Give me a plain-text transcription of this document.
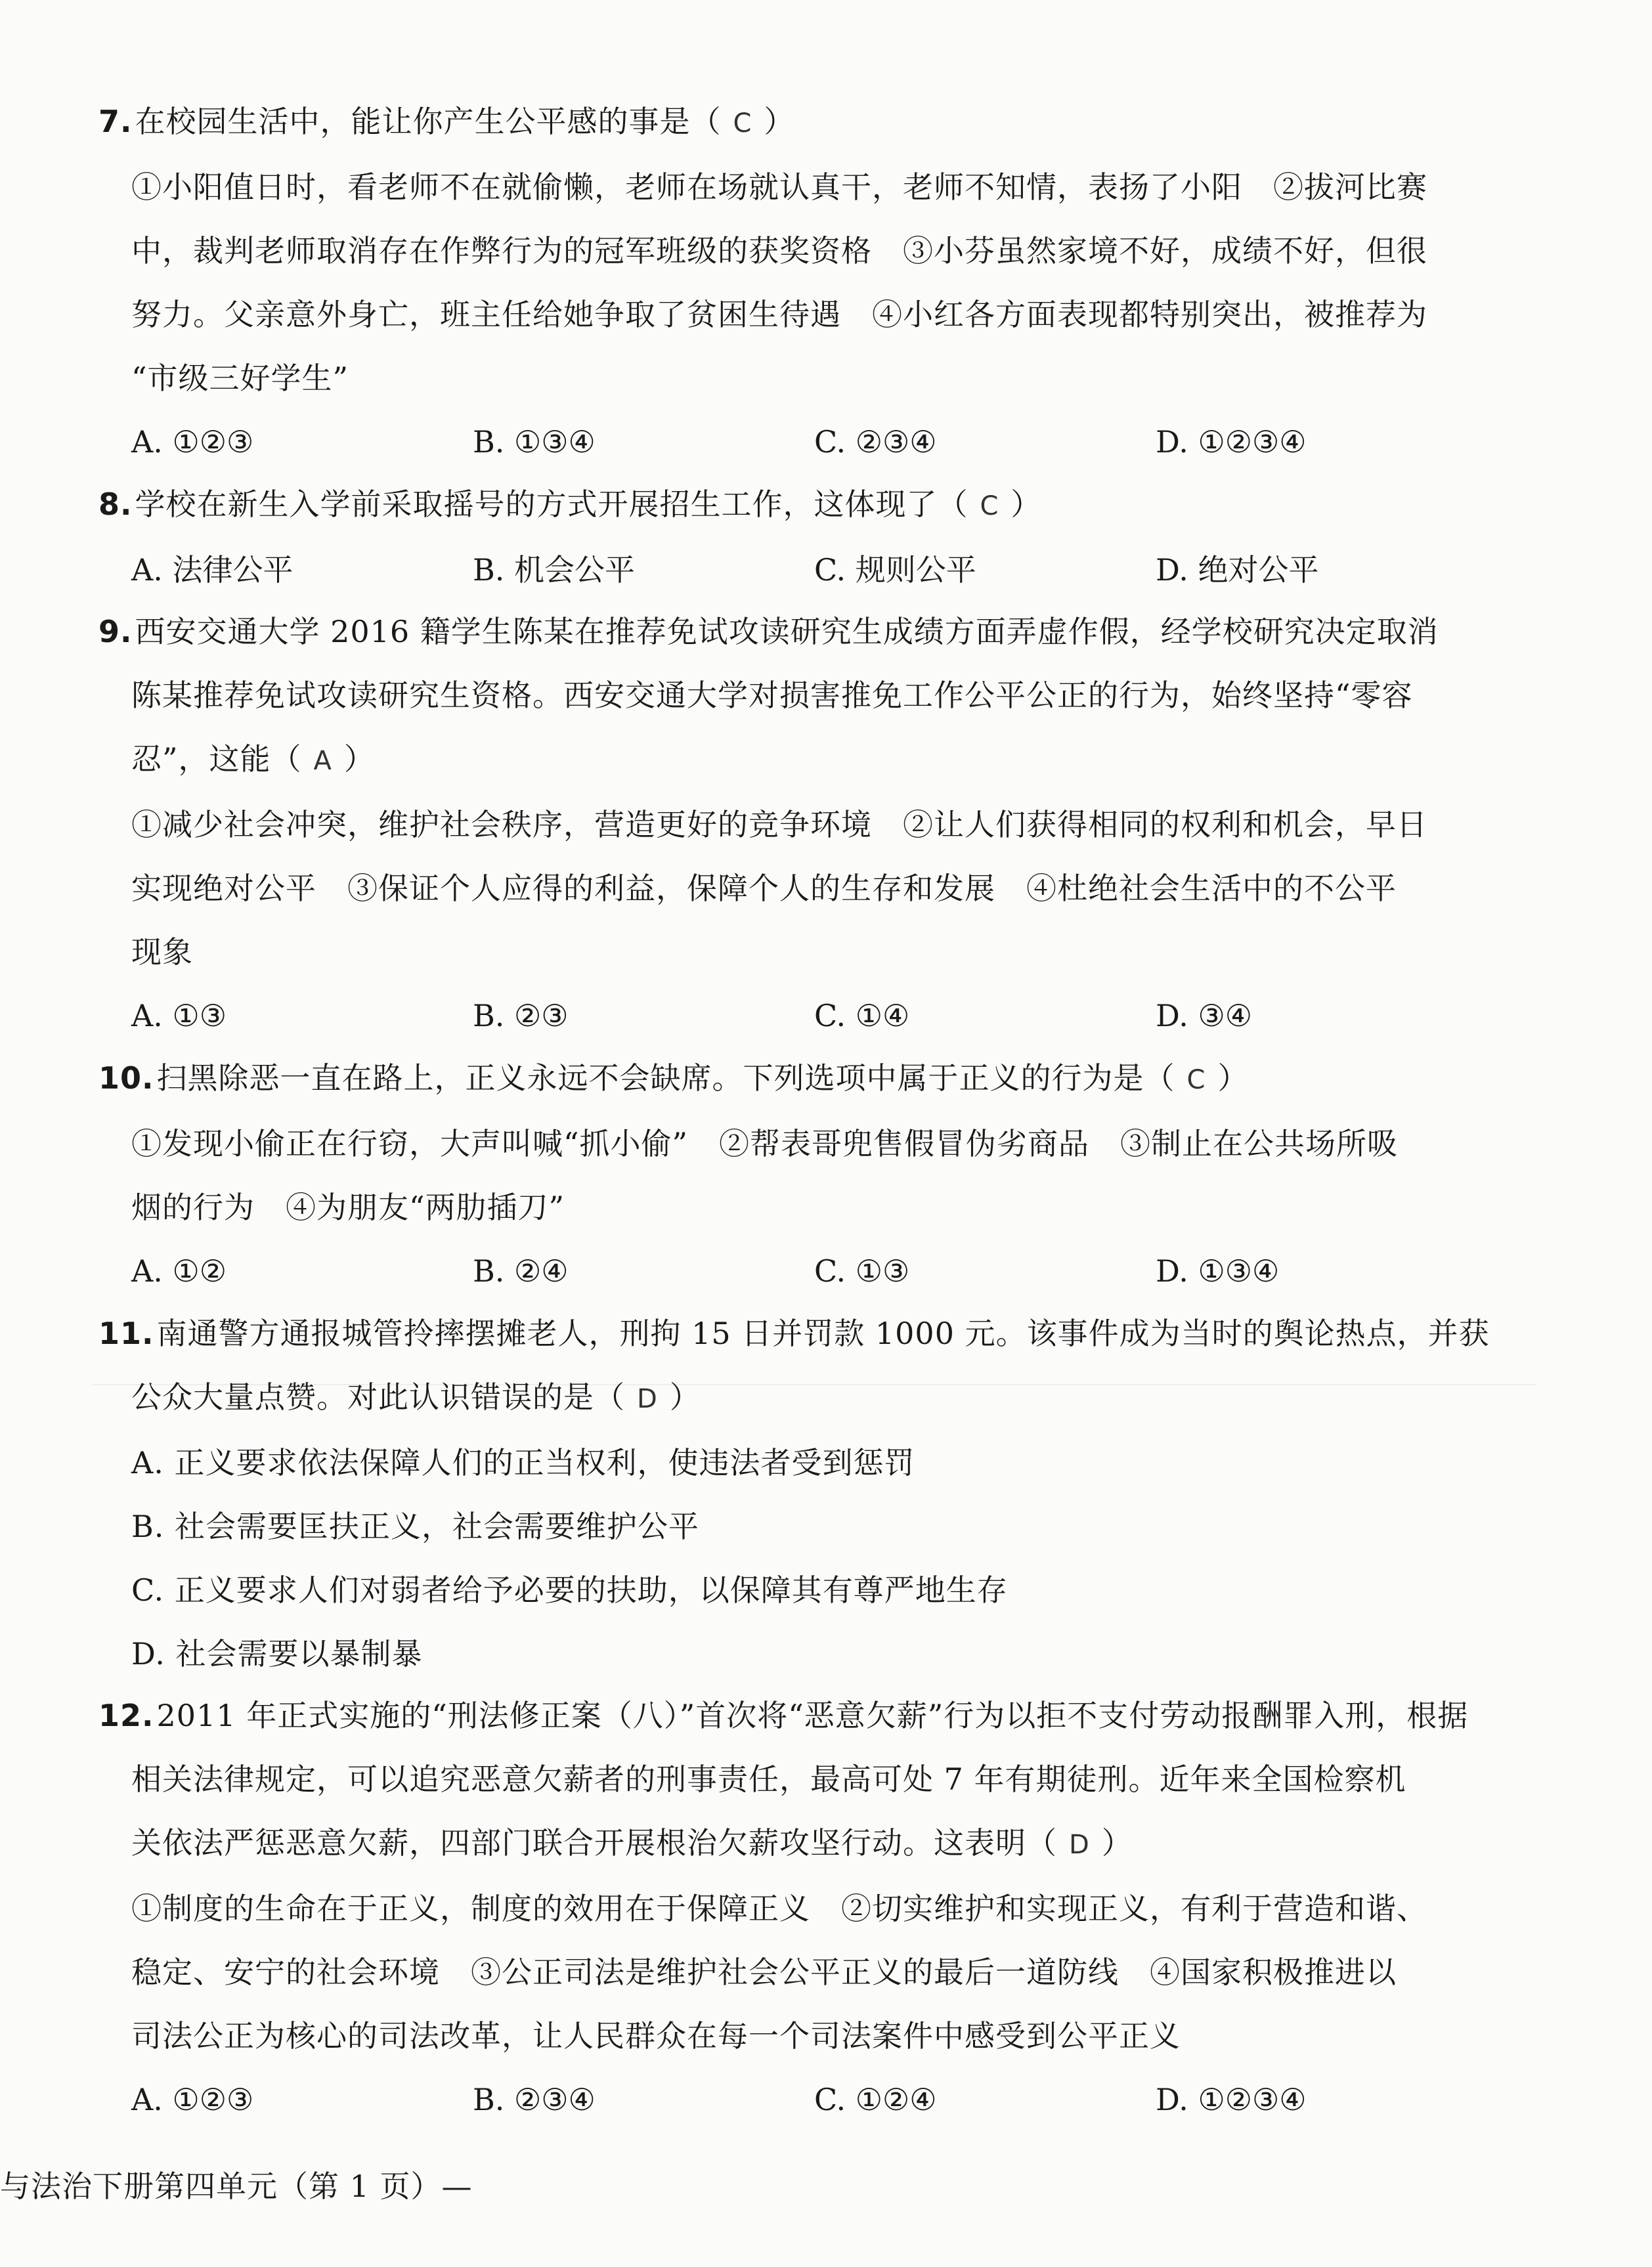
7.在校园生活中，能让你产生公平感的事是（ C ）
①小阳值日时，看老师不在就偷懒，老师在场就认真干，老师不知情，表扬了小阳　②拔河比赛
中，裁判老师取消存在作弊行为的冠军班级的获奖资格　③小芬虽然家境不好，成绩不好，但很
努力。父亲意外身亡，班主任给她争取了贫困生待遇　④小红各方面表现都特别突出，被推荐为
“市级三好学生”
A. ①②③	B. ①③④	C. ②③④	D. ①②③④
8.学校在新生入学前采取摇号的方式开展招生工作，这体现了（ C ）
A. 法律公平	B. 机会公平	C. 规则公平	D. 绝对公平
9.西安交通大学 2016 籍学生陈某在推荐免试攻读研究生成绩方面弄虚作假，经学校研究决定取消
陈某推荐免试攻读研究生资格。西安交通大学对损害推免工作公平公正的行为，始终坚持“零容
忍”，这能（ A ）
①减少社会冲突，维护社会秩序，营造更好的竞争环境　②让人们获得相同的权利和机会，早日
实现绝对公平　③保证个人应得的利益，保障个人的生存和发展　④杜绝社会生活中的不公平
现象
A. ①③	B. ②③	C. ①④	D. ③④
10.扫黑除恶一直在路上，正义永远不会缺席。下列选项中属于正义的行为是（ C ）
①发现小偷正在行窃，大声叫喊“抓小偷”　②帮表哥兜售假冒伪劣商品　③制止在公共场所吸
烟的行为　④为朋友“两肋插刀”
A. ①②	B. ②④	C. ①③	D. ①③④
11.南通警方通报城管拎摔摆摊老人，刑拘 15 日并罚款 1000 元。该事件成为当时的舆论热点，并获
公众大量点赞。对此认识错误的是（ D ）
A. 正义要求依法保障人们的正当权利，使违法者受到惩罚
B. 社会需要匡扶正义，社会需要维护公平
C. 正义要求人们对弱者给予必要的扶助，以保障其有尊严地生存
D. 社会需要以暴制暴
12.2011 年正式实施的“刑法修正案（八）”首次将“恶意欠薪”行为以拒不支付劳动报酬罪入刑，根据
相关法律规定，可以追究恶意欠薪者的刑事责任，最高可处 7 年有期徒刑。近年来全国检察机
关依法严惩恶意欠薪，四部门联合开展根治欠薪攻坚行动。这表明（ D ）
①制度的生命在于正义，制度的效用在于保障正义　②切实维护和实现正义，有利于营造和谐、
稳定、安宁的社会环境　③公正司法是维护社会公平正义的最后一道防线　④国家积极推进以
司法公正为核心的司法改革，让人民群众在每一个司法案件中感受到公平正义
A. ①②③	B. ②③④	C. ①②④	D. ①②③④
与法治下册第四单元（第 1 页）—
